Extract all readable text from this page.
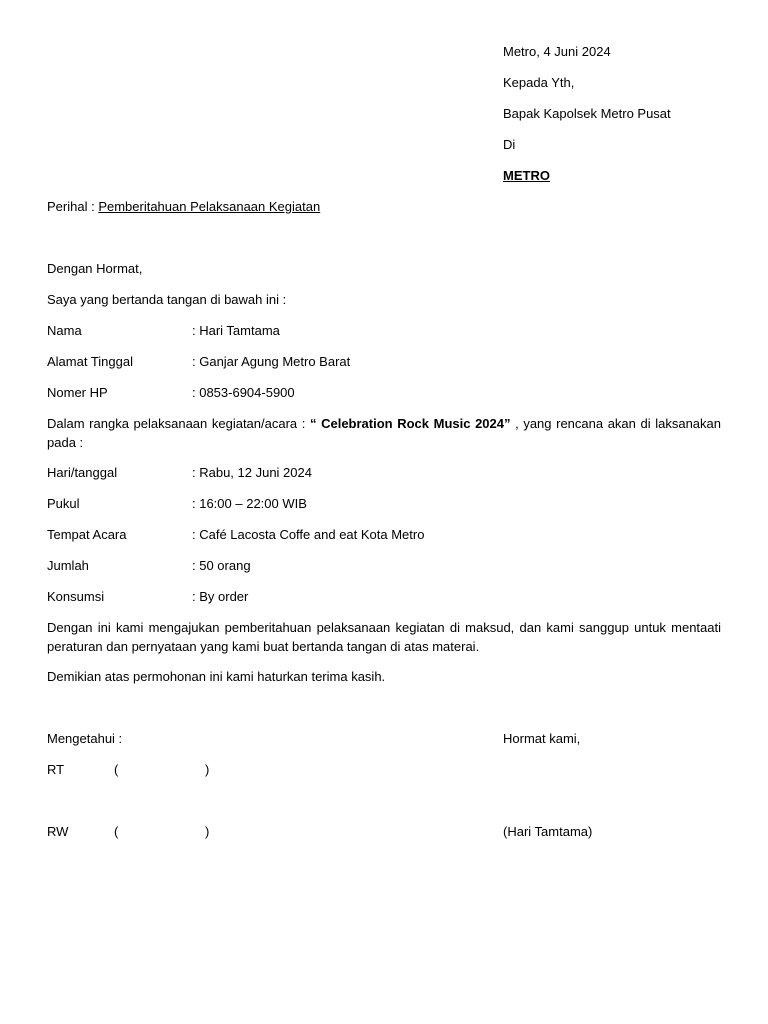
Metro, 4 Juni 2024
Kepada Yth,
Bapak Kapolsek Metro Pusat
Di
METRO
Perihal : Pemberitahuan Pelaksanaan Kegiatan
Dengan Hormat,
Saya yang bertanda tangan di bawah ini :
Nama	: Hari Tamtama
Alamat Tinggal	: Ganjar Agung Metro Barat
Nomer HP	: 0853-6904-5900
Dalam rangka pelaksanaan kegiatan/acara : “ Celebration Rock Music 2024” , yang rencana akan di laksanakan pada :
Hari/tanggal	: Rabu, 12 Juni 2024
Pukul	: 16:00 – 22:00 WIB
Tempat Acara	: Café Lacosta Coffe and eat Kota Metro
Jumlah	: 50 orang
Konsumsi	: By order
Dengan ini kami mengajukan pemberitahuan pelaksanaan kegiatan di maksud, dan kami sanggup untuk mentaati peraturan dan pernyataan yang kami buat bertanda tangan di atas materai.
Demikian atas permohonan ini kami haturkan terima kasih.
Mengetahui :	Hormat kami,
RT	(	)
RW	(	)	(Hari Tamtama)
